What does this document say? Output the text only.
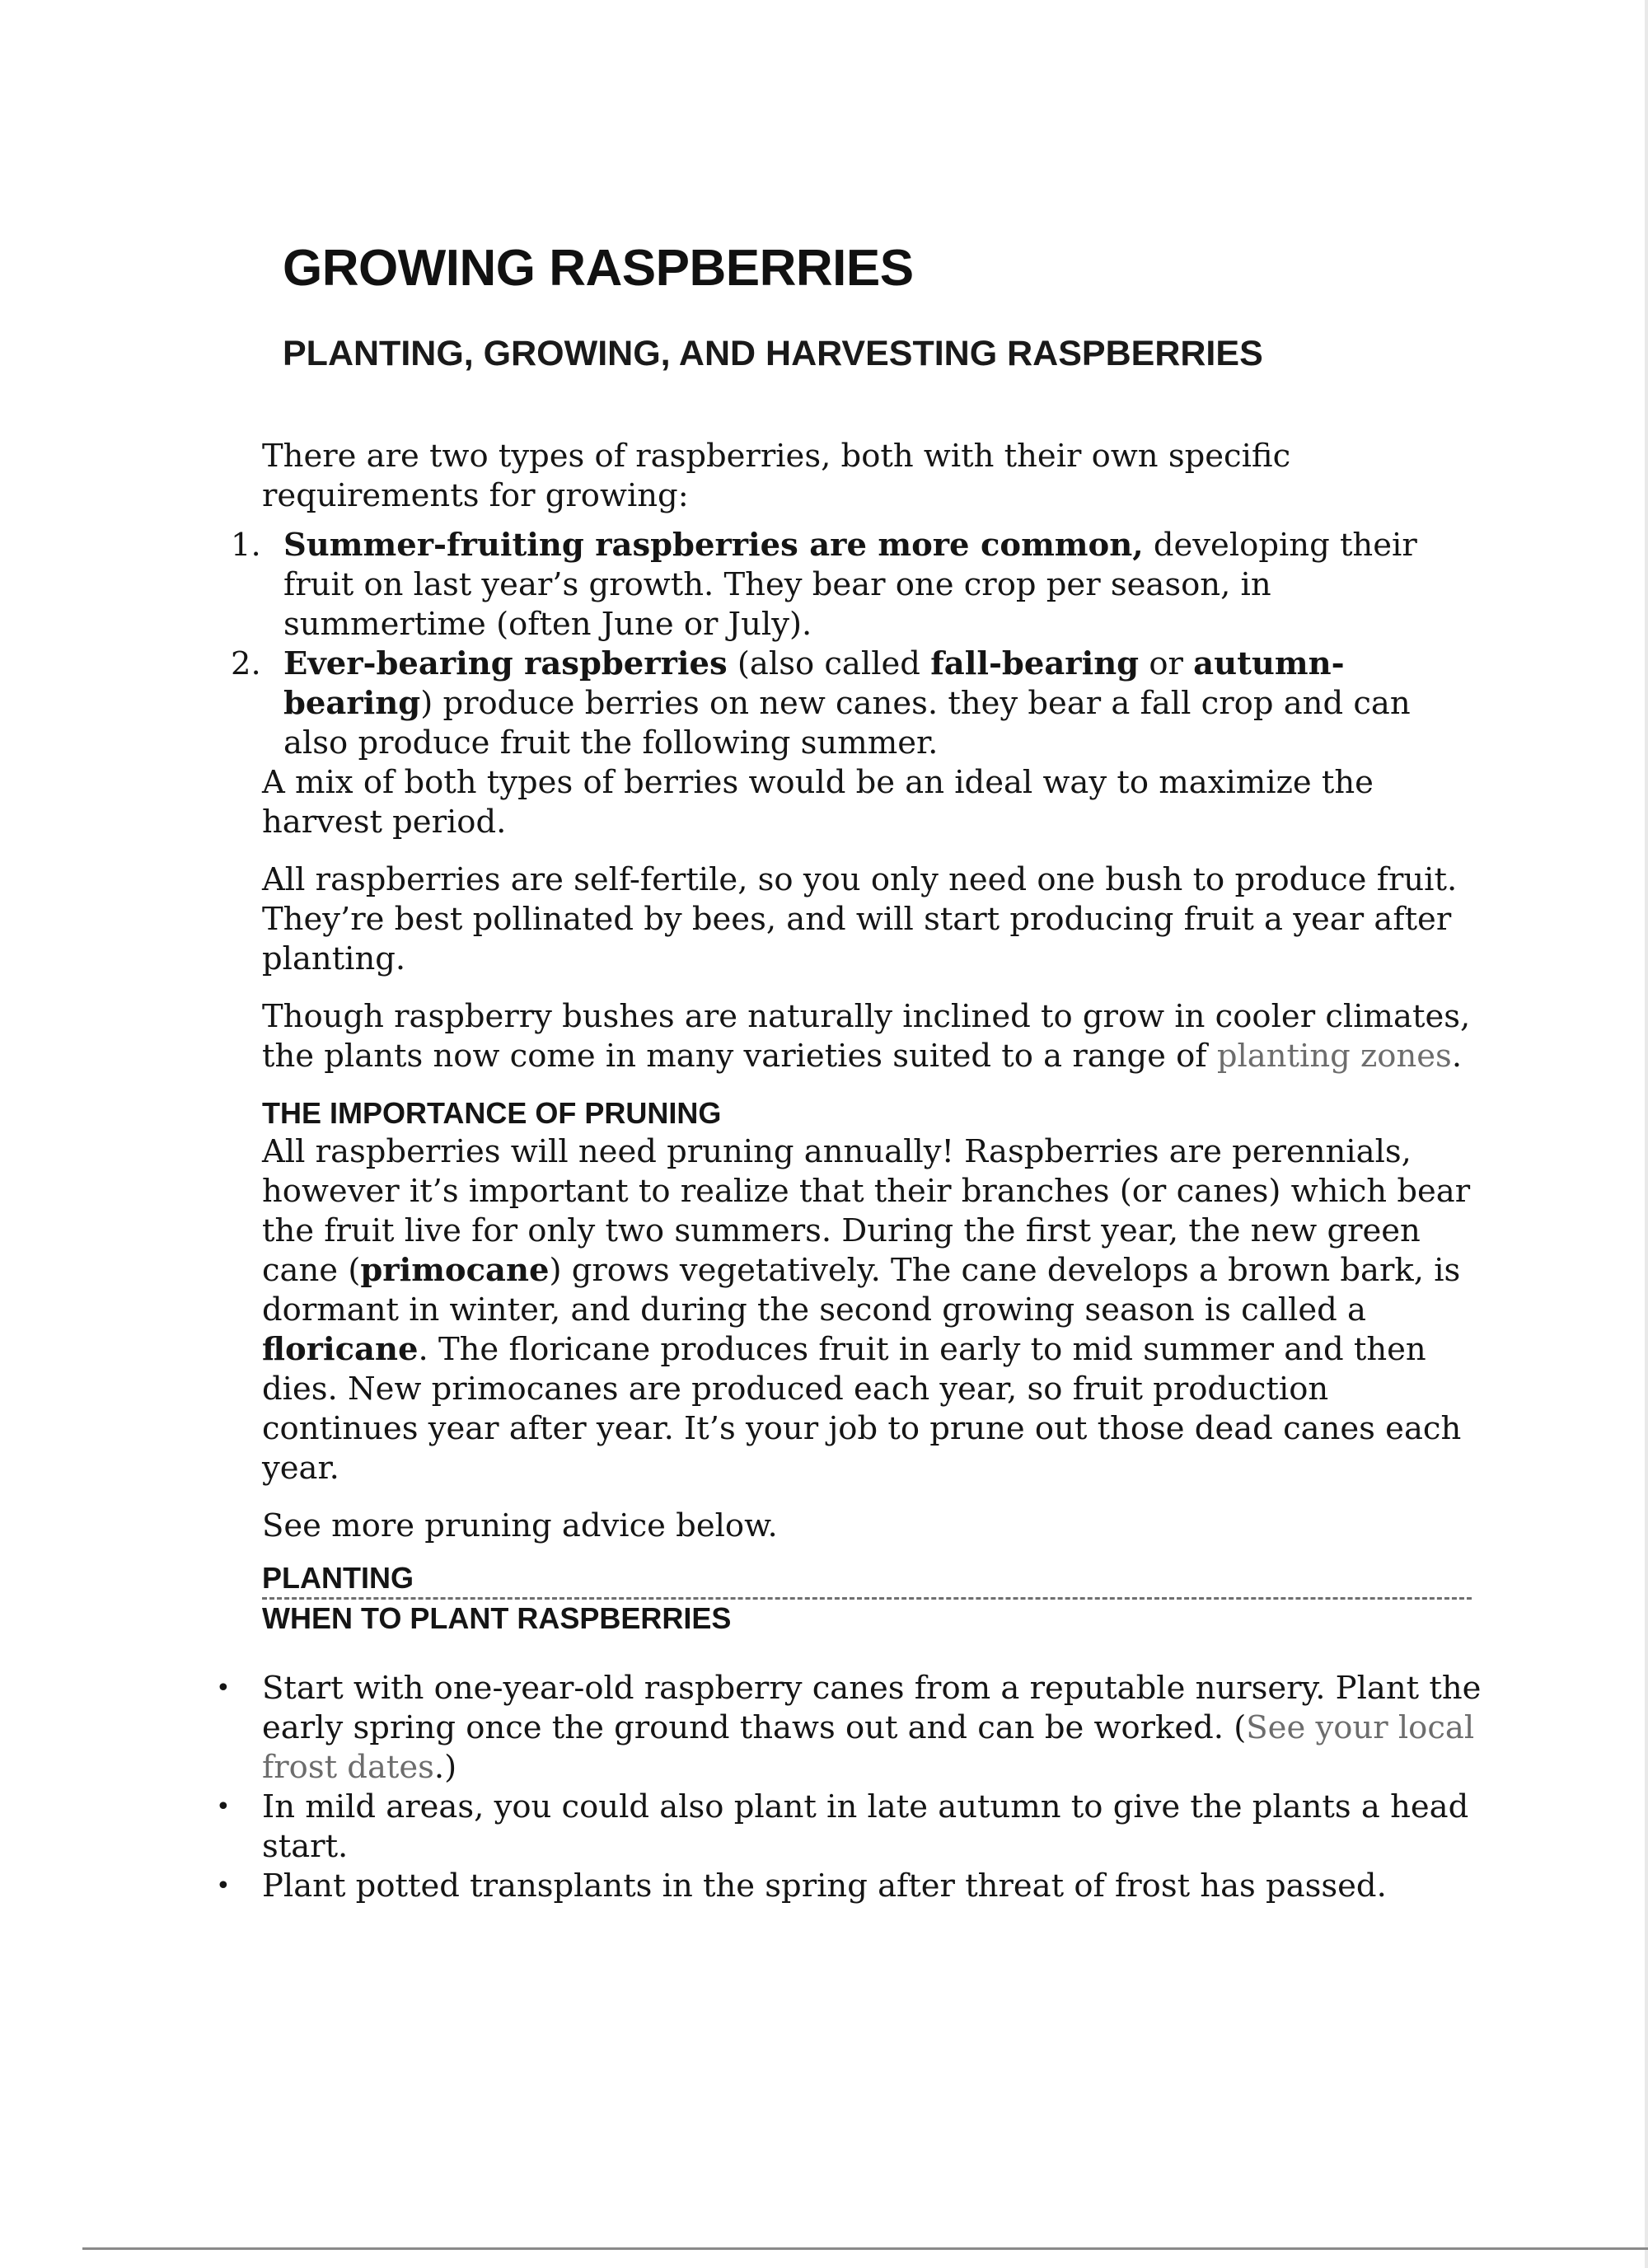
GROWING RASPBERRIES
PLANTING, GROWING, AND HARVESTING RASPBERRIES

There are two types of raspberries, both with their own specific requirements for growing:

1. Summer-fruiting raspberries are more common, developing their fruit on last year’s growth. They bear one crop per season, in summertime (often June or July).
2. Ever-bearing raspberries (also called fall-bearing or autumn-bearing) produce berries on new canes. they bear a fall crop and can also produce fruit the following summer.

A mix of both types of berries would be an ideal way to maximize the harvest period.

All raspberries are self-fertile, so you only need one bush to produce fruit. They’re best pollinated by bees, and will start producing fruit a year after planting.

Though raspberry bushes are naturally inclined to grow in cooler climates, the plants now come in many varieties suited to a range of planting zones.

THE IMPORTANCE OF PRUNING

All raspberries will need pruning annually! Raspberries are perennials, however it’s important to realize that their branches (or canes) which bear the fruit live for only two summers. During the first year, the new green cane (primocane) grows vegetatively. The cane develops a brown bark, is dormant in winter, and during the second growing season is called a floricane. The floricane produces fruit in early to mid summer and then dies. New primocanes are produced each year, so fruit production continues year after year. It’s your job to prune out those dead canes each year.

See more pruning advice below.

PLANTING
WHEN TO PLANT RASPBERRIES
• Start with one-year-old raspberry canes from a reputable nursery. Plant the early spring once the ground thaws out and can be worked. (See your local frost dates.)
• In mild areas, you could also plant in late autumn to give the plants a head start.
• Plant potted transplants in the spring after threat of frost has passed.
